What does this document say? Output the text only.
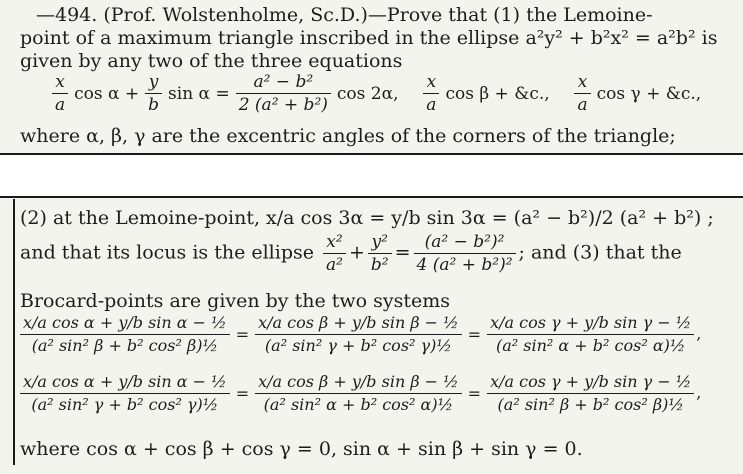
—494. (Prof. Wolstenholme, Sc.D.)—Prove that (1) the Lemoine-
point of a maximum triangle inscribed in the ellipse a²y² + b²x² = a²b² is
given by any two of the three equations
$\frac{x}{a}$ $\cos \alpha + \frac{y}{b}$ $\sin \alpha = \frac{\text{a² − b²}}{\text{2 (a² + b²)}}$ cos 2α, $\frac{x}{a}$ cos β + &c., $\frac{x}{a}$ cos γ + &c.,
where α, β, γ are the excentric angles of the corners of the triangle;
(2) at the Lemoine-point, x/a cos 3α = y/b sin 3α = (a² − b²)/2 (a² + b²) ;
and that its locus is the ellipse $\frac{\text{x²}}{\text{a²}} + \frac{\text{y²}}{\text{b²}} = \frac{\text{(a² − b²)²}}{\text{4 (a² + b²)²}}$ ; and (3) that the
Brocard-points are given by the two systems
$\frac{\text{x/a cos α + y/b sin α − ½}}{\text{(a² sin² β + b² cos² β)½}} = \frac{\text{x/a cos β + y/b sin β − ½}}{\text{(a² sin² γ + b² cos² γ)½}} = \frac{\text{x/a cos γ + y/b sin γ − ½}}{\text{(a² sin² α + b² cos² α)½}}$ ,
$\frac{\text{x/a cos α + y/b sin α − ½}}{\text{(a² sin² γ + b² cos² γ)½}} = \frac{\text{x/a cos β + y/b sin β − ½}}{\text{(a² sin² α + b² cos² α)½}} = \frac{\text{x/a cos γ + y/b sin γ − ½}}{\text{(a² sin² β + b² cos² β)½}}$ ,
where cos α + cos β + cos γ = 0, sin α + sin β + sin γ = 0.
